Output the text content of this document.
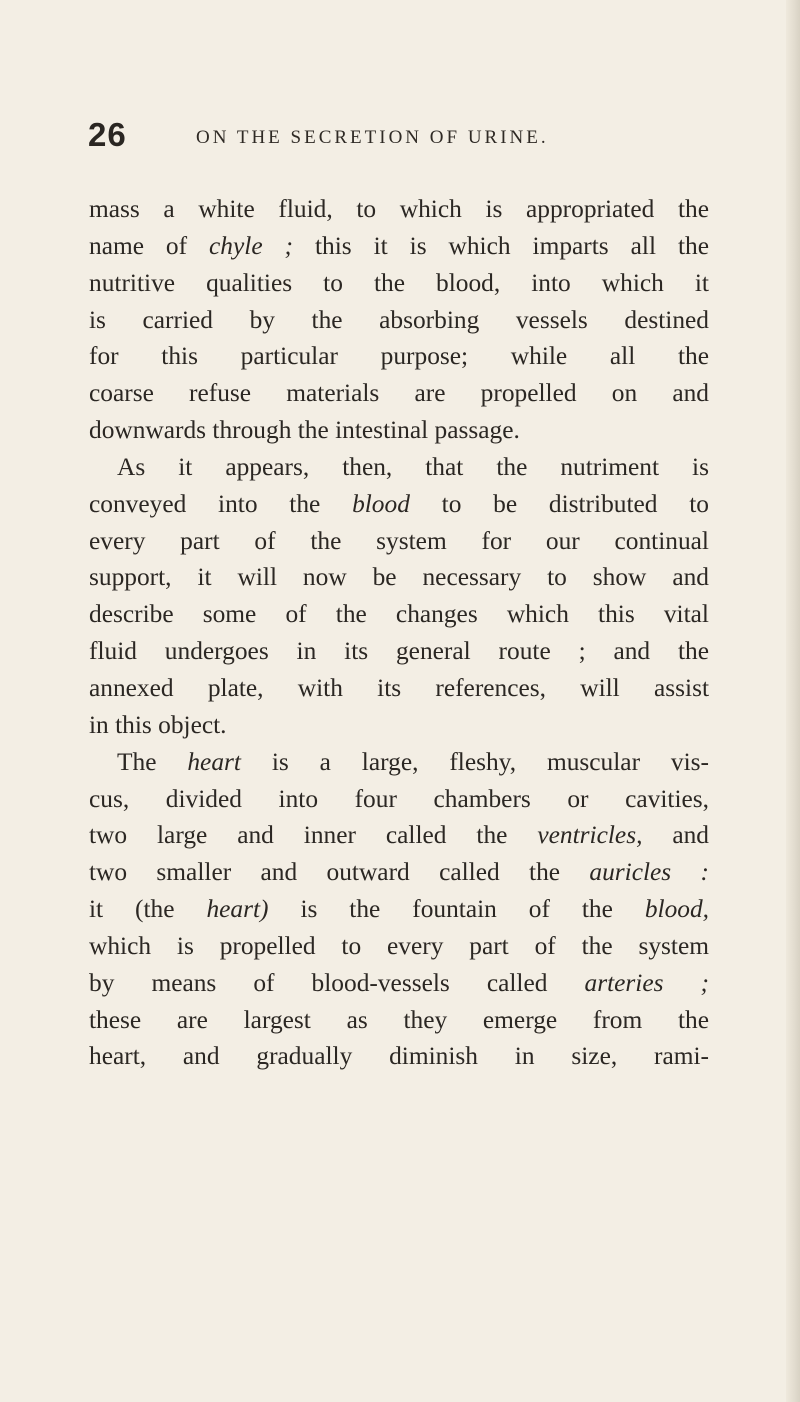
26	ON THE SECRETION OF URINE.
mass a white fluid, to which is appropriated the
name of chyle ; this it is which imparts all the
nutritive qualities to the blood, into which it
is carried by the absorbing vessels destined
for this particular purpose; while all the
coarse refuse materials are propelled on and
downwards through the intestinal passage.
As it appears, then, that the nutriment is
conveyed into the blood to be distributed to
every part of the system for our continual
support, it will now be necessary to show and
describe some of the changes which this vital
fluid undergoes in its general route ; and the
annexed plate, with its references, will assist
in this object.
The heart is a large, fleshy, muscular vis-
cus, divided into four chambers or cavities,
two large and inner called the ventricles, and
two smaller and outward called the auricles :
it (the heart) is the fountain of the blood,
which is propelled to every part of the system
by means of blood-vessels called arteries ;
these are largest as they emerge from the
heart, and gradually diminish in size, rami-
